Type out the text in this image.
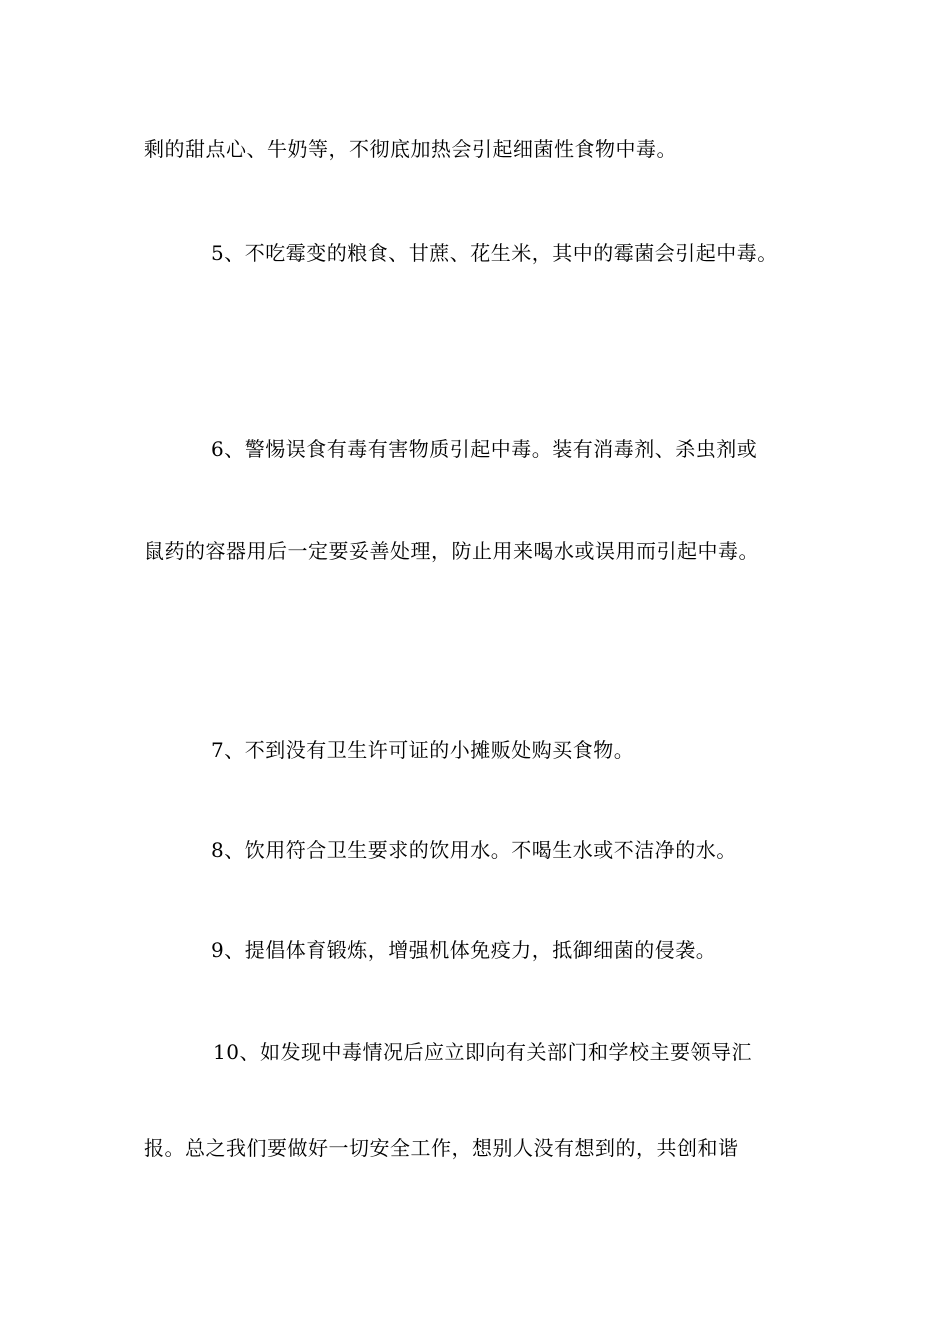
剩的甜点心、牛奶等，不彻底加热会引起细菌性食物中毒。
5、不吃霉变的粮食、甘蔗、花生米，其中的霉菌会引起中毒。
6、警惕误食有毒有害物质引起中毒。装有消毒剂、杀虫剂或
鼠药的容器用后一定要妥善处理，防止用来喝水或误用而引起中毒。
7、不到没有卫生许可证的小摊贩处购买食物。
8、饮用符合卫生要求的饮用水。不喝生水或不洁净的水。
9、提倡体育锻炼，增强机体免疫力，抵御细菌的侵袭。
10、如发现中毒情况后应立即向有关部门和学校主要领导汇
报。总之我们要做好一切安全工作，想别人没有想到的，共创和谐
